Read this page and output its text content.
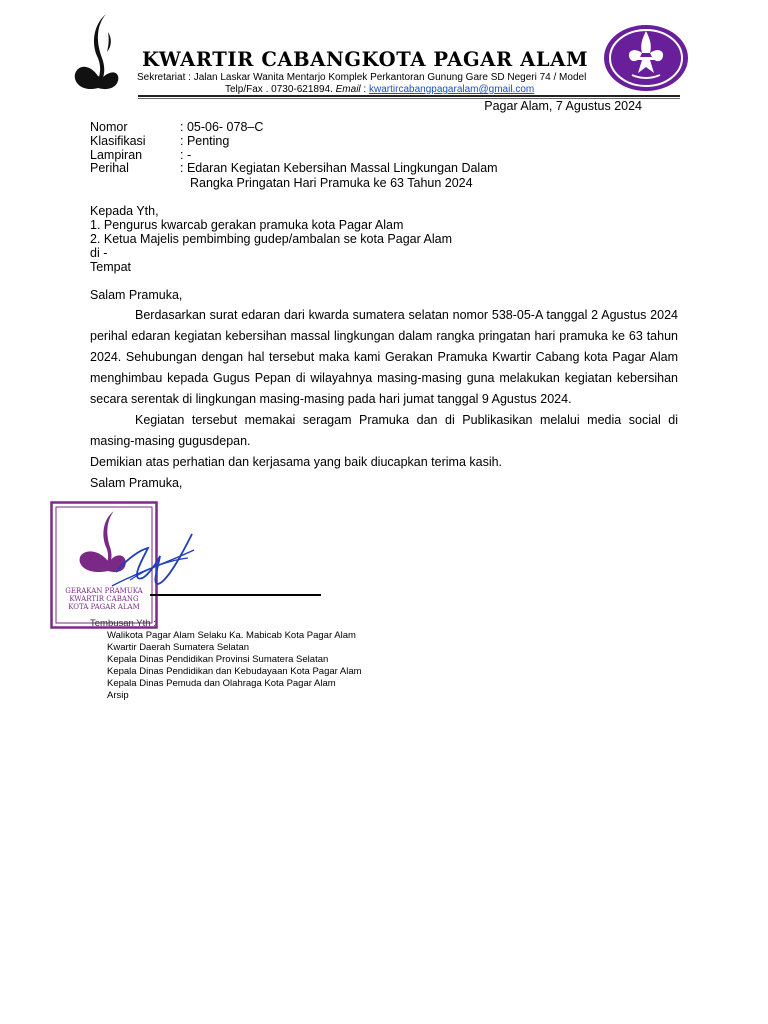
KWARTIR CABANGKOTA PAGAR ALAM
Sekretariat : Jalan Laskar Wanita Mentarjo Komplek Perkantoran Gunung Gare SD Negeri 74 / Model
Telp/Fax . 0730-621894. Email : kwartircabangpagaralam@gmail.com
Pagar Alam, 7 Agustus 2024
Nomor	: 05-06- 078–C
Klasifikasi	: Penting
Lampiran	: -
Perihal	: Edaran Kegiatan Kebersihan Massal Lingkungan Dalam
Rangka Pringatan Hari Pramuka ke 63 Tahun 2024
Kepada Yth,
1. Pengurus kwarcab gerakan pramuka kota Pagar Alam
2. Ketua Majelis pembimbing gudep/ambalan se kota Pagar Alam
di -
Tempat
Salam Pramuka,

Berdasarkan surat edaran dari kwarda sumatera selatan nomor 538-05-A tanggal 2 Agustus 2024 perihal edaran kegiatan kebersihan massal lingkungan dalam rangka pringatan hari pramuka ke 63 tahun 2024. Sehubungan dengan hal tersebut maka kami Gerakan Pramuka Kwartir Cabang kota Pagar Alam menghimbau kepada Gugus Pepan di wilayahnya masing-masing guna melakukan kegiatan kebersihan secara serentak di lingkungan masing-masing pada hari jumat tanggal 9 Agustus 2024.

Kegiatan tersebut memakai seragam Pramuka dan di Publikasikan melalui media social di masing-masing gugusdepan.

Demikian atas perhatian dan kerjasama yang baik diucapkan terima kasih.

Salam Pramuka,

GERAKAN PRAMUKA
KWARTIR CABANG
KOTA PAGAR ALAM
Tembusan Yth :
Walikota Pagar Alam Selaku Ka. Mabicab Kota Pagar Alam
Kwartir Daerah Sumatera Selatan
Kepala Dinas Pendidikan Provinsi Sumatera Selatan
Kepala Dinas Pendidikan dan Kebudayaan Kota Pagar Alam
Kepala Dinas Pemuda dan Olahraga Kota Pagar Alam
Arsip
